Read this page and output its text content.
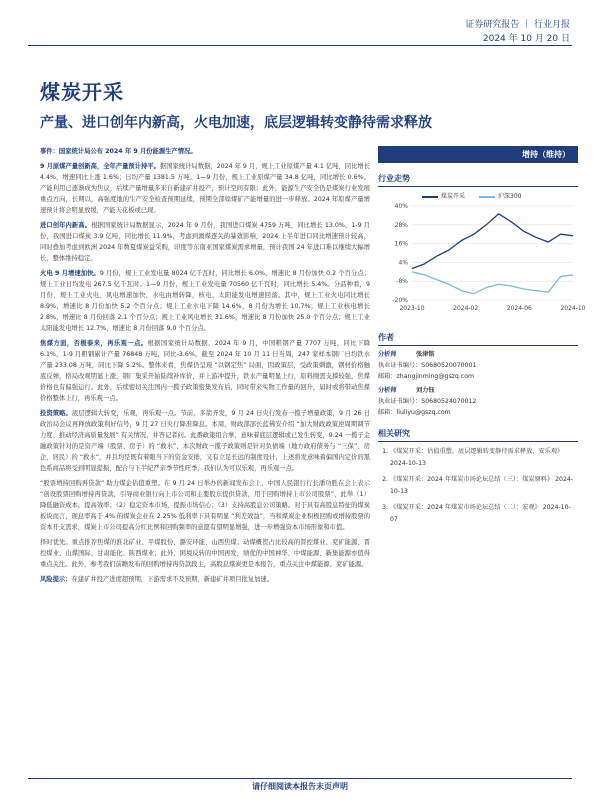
证券研究报告 ｜ 行业月报
2024 年 10 月 20 日
煤炭开采
产量、进口创年内新高，火电加速，底层逻辑转变静待需求释放

事件：国家统计局公布 2024 年 9 月份能源生产情况。

9 月原煤产量创新高，全年产量预计持平。据国家统计局数据，2024 年 9 月，规上工业原煤产量 4.1 亿吨，同比增长 4.4%，增速同比上涨 1.6%；日均产量 1381.5 万吨。1—9 月份，规上工业原煤产量 34.8 亿吨，同比增长 0.6%。产能利用已逐渐成为焦议，后续产量增量多来自新建矿井投产，预计空间有限；此外，能源生产安全仍是煤炭行业发展重点方向，长期以，高强度地的生产安全检查预期延续，预期全部如煤矿产能增量的进一步释放。2024 年原煤产量增速预计将会明显放缓，产能天花板或已现。

进口创年内新高。根据国家统计局数据显示，2024 年 9 月份，我国进口煤炭 4759 万吨，同比增长 13.0%，1-9 月份，我国进口煤炭 3.9 亿吨，同比增长 11.9%，考虑到澳煤逐关的暴效影响，2024 上半年进口同比增速预计较高，同时叠加考虑到欧洲 2024 年数夏煤炭益采购，印度等东南亚国家煤炭需求增量，预计我国 24 年进口难以继续大幅增长，整体维持稳定。

火电 9 月增速加快。9 月份，规上工业发电量 8024 亿千瓦时，同比增长 6.0%，增速比 8 月份加快 0.2 个百分点；规上工业日均发电 267.5 亿千瓦时。1—9 月份，规上工业发电量 70560 亿千瓦时，同比增长 5.4%。分品种看，9 月份，规上工业火电、风电增速加快，水电由增转降，核电、太阳能发电增速回落。其中，规上工业火电同比增长 8.9%，增速比 8 月份加快 5.2 个百分点；规上工业水电下降 14.6%，8 月份为增长 10.7%；规上工业核电增长 2.8%，增速比 8 月份回落 2.1 个百分点；规上工业风电增长 31.6%，增速比 8 月份加快 25.0 个百分点；规上工业太阳能发电增长 12.7%，增速比 8 月份回落 9.0 个百分点。

焦煤方面，否极泰来，再乐观一点。根据国家统计局数据，2024 年 9 月，中国粗钢产量 7707 万吨，同比下降 6.1%，1-9 月粗钢累计产量 76848 万吨，同比-3.6%。截至 2024 年 10 月 11 日当周，247 家样本钢厂日均铁水产量 233.08 万吨，同比下降 5.2%。整体来看，焦煤仍呈现 “以钢定焦” 局面，因政策层，受政策刺激，钢材价格触底反弹，格局改观明显上涨，钢厂集采开始陆续补库价，并上游冲提升，铁水产量明显上行，原料刚需支撑较强，焦煤价格也有偏强运行。此外，后续密切关注国内一揽子政策密集发布后，同时带来实物工作量的回升，届时或将带动焦煤价格整体上行，再乐观一点。

投资策略。底层逻辑大转变，乐观，再乐观一点。节前，多箭齐发，9 月 24 日央行发布一揽子增量政策，9 月 26 日政治局会议再释放政策利好信号，9 月 27 日央行降准降息。本周，财政部部长蓝佛安介绍 “加大财政政策逆周期调节力度、推动经济高质量发展” 有关情况，并答记者问。此番政策组合拳，意味着底层逻辑或已发生转变，9.24 一揽子金融政策针对的是资产端（股票、房子）的 “救水”，本次财政一揽子政策则是针对负债端（地方政府债务与 “三保”、房企、居民）的 “救水”，并且均是既有着眼当下的资金安排，又有立足长远的制度设计，上述将发意味着偏国内定价的黑色系商品将受到明显提振，配合与下半紀严亲季节性旺季，我们认为可以乐观，再乐观一点。

“股票增持回购再贷款” 助力煤企估值重塑。在 9 月 24 日举办的新闻发布会上，中国人民银行行长潘功胜在会上表示 “创设股票回购增持再贷款，引导商业银行向上市公司和主要股东提供贷款，用于回购增持上市公司股票”，此举（1）降低融资成本，提高效率；（2）稳定资本市场，提振市场信心；（3）支持高股息公司策略。对于具有高股息特征的煤炭板块而言，现息率高于 4% 的煤炭企业在 2.25% 低利率下具有明显 “利差效益”，当和煤炭企业积极回购或增持股票的资本开支需求，煤炭上市公司提高分红比例和回购频率的意愿有望明显增强，进一步增强资本市场形象和市值。

择时优先。重点推荐焦煤的淮北矿业、平煤股份、潞安环能、山西焦煤；动煤概贺占比较高的晋控煤业、兖矿能源、晋控煤业、山煤国际、甘肃能化、陕西煤业；此外，困境反转的中国再发，绩优的中国神华、中煤能源、新集能源亦值得重点关注。此外，参考我们前瞻发布的回购增持再贷款段主，高股息煤炭更是本报告，重点关注中煤能源、兖矿能源。

风险提示：在建矿井投产进度超预期，下游需求不及预期，新建矿井项目批复加速。

增持（维持）
行业走势
煤炭开采	沪深300
-20%
-8%
4%
16%
28%
40%
2023-10	2024-02	2024-06	2024-10
作者
分析师	张津铭
执业证书编号：S0680520070001
邮箱：zhangjinming@gszq.com
分析师	刘力钰
执业证书编号：S0680524070012
邮箱：liuliyu@gszq.com
相关研究
1. 《煤炭开采：估值重塑，底层逻辑转变静待需求释放，安乐观》 2024-10-13
2. 《煤炭开采：2024 年煤炭市场论坛总结（三）：煤炭原料》 2024-10-13
3. 《煤炭开采：2024 年煤炭市场论坛总结（二）：宏观》 2024-10-07
请仔细阅读本报告末页声明
